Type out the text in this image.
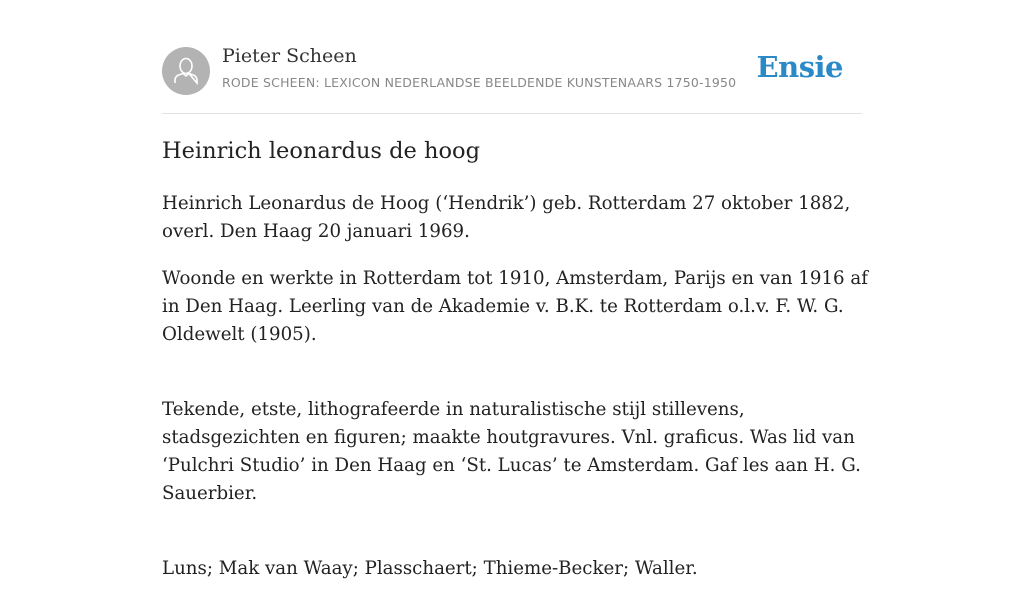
Pieter Scheen
RODE SCHEEN: LEXICON NEDERLANDSE BEELDENDE KUNSTENAARS 1750-1950 Ensie
Heinrich leonardus de hoog

Heinrich Leonardus de Hoog (‘Hendrik’) geb. Rotterdam 27 oktober 1882, overl. Den Haag 20 januari 1969.

Woonde en werkte in Rotterdam tot 1910, Amsterdam, Parijs en van 1916 af in Den Haag. Leerling van de Akademie v. B.K. te Rotterdam o.l.v. F. W. G. Oldewelt (1905).

Tekende, etste, lithografeerde in naturalistische stijl stillevens, stadsgezichten en figuren; maakte houtgravures. Vnl. graficus. Was lid van ‘Pulchri Studio’ in Den Haag en ‘St. Lucas’ te Amsterdam. Gaf les aan H. G. Sauerbier.

Luns; Mak van Waay; Plasschaert; Thieme-Becker; Waller.
